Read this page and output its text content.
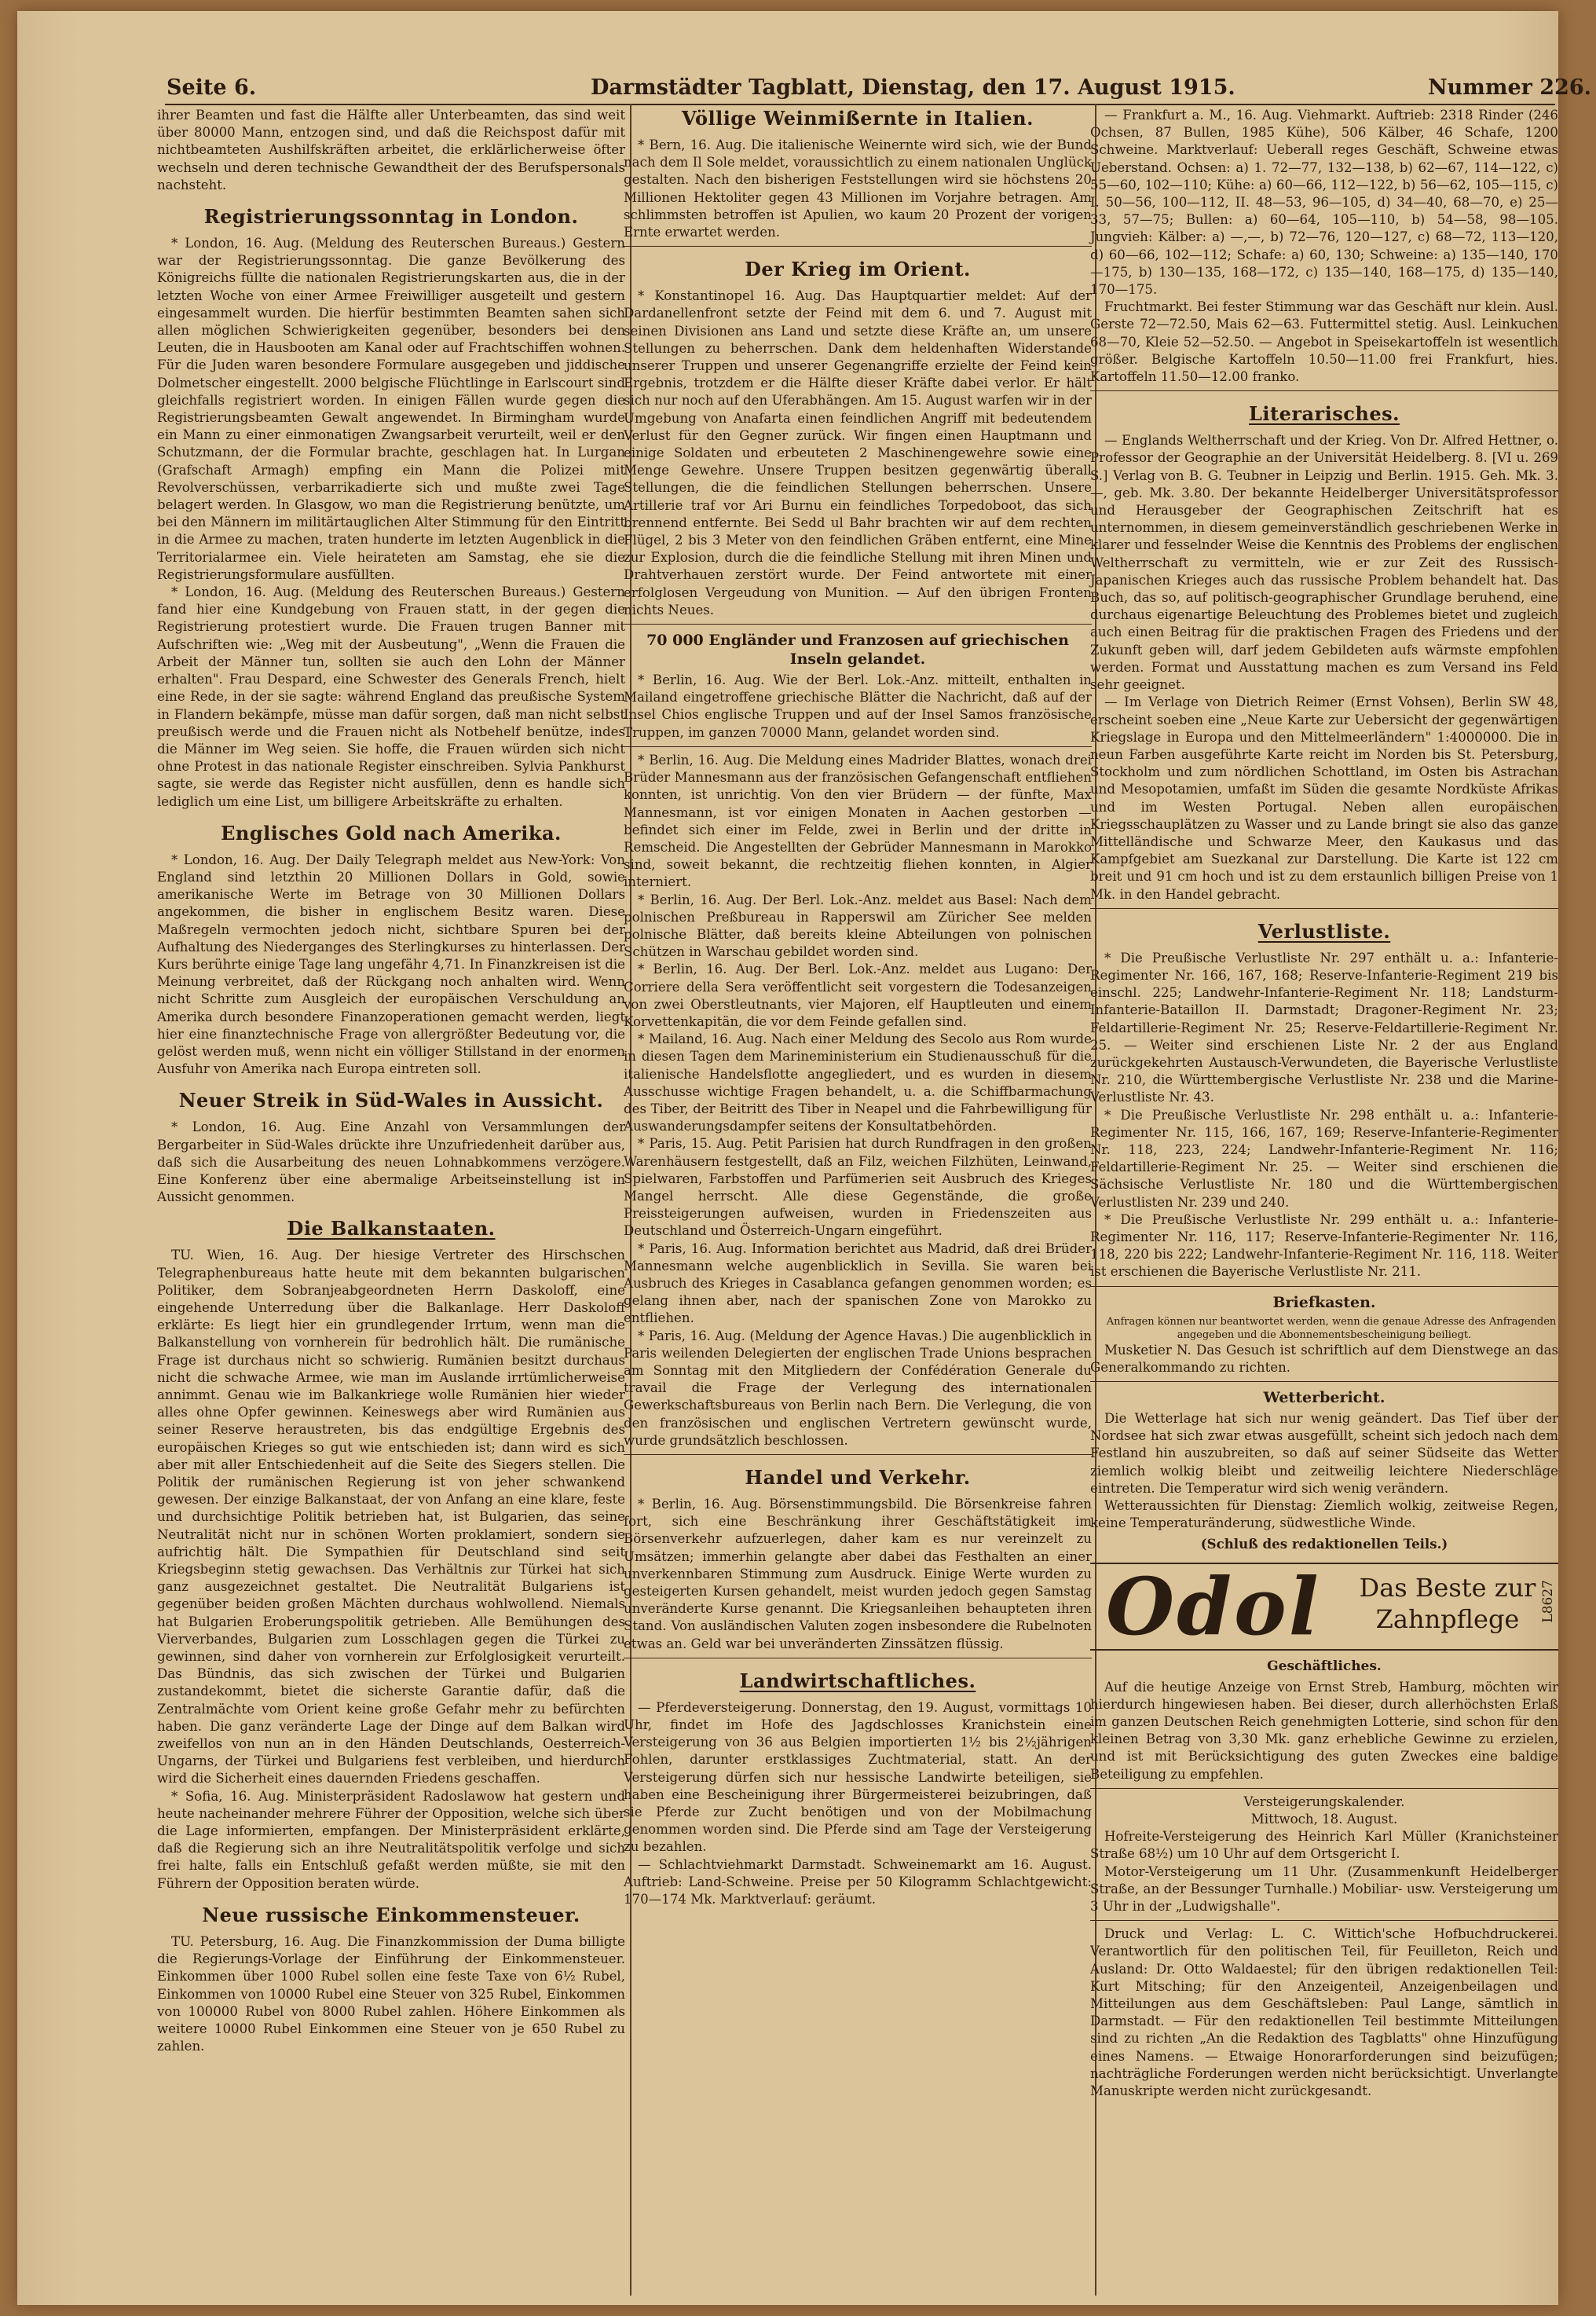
Seite 6.	Darmstädter Tagblatt, Dienstag, den 17. August 1915.	Nummer 226.

ihrer Beamten und fast die Hälfte aller Unterbeamten, das sind weit über 80000 Mann, entzogen sind, und daß die Reichspost dafür mit nichtbeamteten Aushilfskräften arbeitet, die erklärlicherweise öfter wechseln und deren technische Gewandtheit der des Berufspersonals nachsteht.

Registrierungssonntag in London.

* London, 16. Aug. (Meldung des Reuterschen Bureaus.) Gestern war der Registrierungssonntag. Die ganze Bevölkerung des Königreichs füllte die nationalen Registrierungskarten aus, die in der letzten Woche von einer Armee Freiwilliger ausgeteilt und gestern eingesammelt wurden. Die hierfür bestimmten Beamten sahen sich allen möglichen Schwierigkeiten gegenüber, besonders bei den Leuten, die in Hausbooten am Kanal oder auf Frachtschiffen wohnen. Für die Juden waren besondere Formulare ausgegeben und jiddische Dolmetscher eingestellt. 2000 belgische Flüchtlinge in Earlscourt sind gleichfalls registriert worden. In einigen Fällen wurde gegen die Registrierungsbeamten Gewalt angewendet. In Birmingham wurde ein Mann zu einer einmonatigen Zwangsarbeit verurteilt, weil er den Schutzmann, der die Formular brachte, geschlagen hat. In Lurgan (Grafschaft Armagh) empfing ein Mann die Polizei mit Revolverschüssen, verbarrikadierte sich und mußte zwei Tage belagert werden. In Glasgow, wo man die Registrierung benützte, um bei den Männern im militärtauglichen Alter Stimmung für den Eintritt in die Armee zu machen, traten hunderte im letzten Augenblick in die Territorialarmee ein. Viele heirateten am Samstag, ehe sie die Registrierungsformulare ausfüllten.

* London, 16. Aug. (Meldung des Reuterschen Bureaus.) Gestern fand hier eine Kundgebung von Frauen statt, in der gegen die Registrierung protestiert wurde. Die Frauen trugen Banner mit Aufschriften wie: „Weg mit der Ausbeutung", „Wenn die Frauen die Arbeit der Männer tun, sollten sie auch den Lohn der Männer erhalten". Frau Despard, eine Schwester des Generals French, hielt eine Rede, in der sie sagte: während England das preußische System in Flandern bekämpfe, müsse man dafür sorgen, daß man nicht selbst preußisch werde und die Frauen nicht als Notbehelf benütze, indes die Männer im Weg seien. Sie hoffe, die Frauen würden sich nicht ohne Protest in das nationale Register einschreiben. Sylvia Pankhurst sagte, sie werde das Register nicht ausfüllen, denn es handle sich lediglich um eine List, um billigere Arbeitskräfte zu erhalten.

Englisches Gold nach Amerika.

* London, 16. Aug. Der Daily Telegraph meldet aus New-York: Von England sind letzthin 20 Millionen Dollars in Gold, sowie amerikanische Werte im Betrage von 30 Millionen Dollars angekommen, die bisher in englischem Besitz waren. Diese Maßregeln vermochten jedoch nicht, sichtbare Spuren bei der Aufhaltung des Niederganges des Sterlingkurses zu hinterlassen. Der Kurs berührte einige Tage lang ungefähr 4,71. In Finanzkreisen ist die Meinung verbreitet, daß der Rückgang noch anhalten wird. Wenn nicht Schritte zum Ausgleich der europäischen Verschuldung an Amerika durch besondere Finanzoperationen gemacht werden, liegt hier eine finanztechnische Frage von allergrößter Bedeutung vor, die gelöst werden muß, wenn nicht ein völliger Stillstand in der enormen Ausfuhr von Amerika nach Europa eintreten soll.

Neuer Streik in Süd-Wales in Aussicht.

* London, 16. Aug. Eine Anzahl von Versammlungen der Bergarbeiter in Süd-Wales drückte ihre Unzufriedenheit darüber aus, daß sich die Ausarbeitung des neuen Lohnabkommens verzögere. Eine Konferenz über eine abermalige Arbeitseinstellung ist in Aussicht genommen.

Die Balkanstaaten.

TU. Wien, 16. Aug. Der hiesige Vertreter des Hirschschen Telegraphenbureaus hatte heute mit dem bekannten bulgarischen Politiker, dem Sobranjeabgeordneten Herrn Daskoloff, eine eingehende Unterredung über die Balkanlage. Herr Daskoloff erklärte: Es liegt hier ein grundlegender Irrtum, wenn man die Balkanstellung von vornherein für bedrohlich hält. Die rumänische Frage ist durchaus nicht so schwierig. Rumänien besitzt durchaus nicht die schwache Armee, wie man im Auslande irrtümlicherweise annimmt. Genau wie im Balkankriege wolle Rumänien hier wieder alles ohne Opfer gewinnen. Keineswegs aber wird Rumänien aus seiner Reserve heraustreten, bis das endgültige Ergebnis des europäischen Krieges so gut wie entschieden ist; dann wird es sich aber mit aller Entschiedenheit auf die Seite des Siegers stellen. Die Politik der rumänischen Regierung ist von jeher schwankend gewesen. Der einzige Balkanstaat, der von Anfang an eine klare, feste und durchsichtige Politik betrieben hat, ist Bulgarien, das seine Neutralität nicht nur in schönen Worten proklamiert, sondern sie aufrichtig hält. Die Sympathien für Deutschland sind seit Kriegsbeginn stetig gewachsen. Das Verhältnis zur Türkei hat sich ganz ausgezeichnet gestaltet. Die Neutralität Bulgariens ist gegenüber beiden großen Mächten durchaus wohlwollend. Niemals hat Bulgarien Eroberungspolitik getrieben. Alle Bemühungen des Vierverbandes, Bulgarien zum Losschlagen gegen die Türkei zu gewinnen, sind daher von vornherein zur Erfolglosigkeit verurteilt. Das Bündnis, das sich zwischen der Türkei und Bulgarien zustandekommt, bietet die sicherste Garantie dafür, daß die Zentralmächte vom Orient keine große Gefahr mehr zu befürchten haben. Die ganz veränderte Lage der Dinge auf dem Balkan wird zweifellos von nun an in den Händen Deutschlands, Oesterreich-Ungarns, der Türkei und Bulgariens fest verbleiben, und hierdurch wird die Sicherheit eines dauernden Friedens geschaffen.

* Sofia, 16. Aug. Ministerpräsident Radoslawow hat gestern und heute nacheinander mehrere Führer der Opposition, welche sich über die Lage informierten, empfangen. Der Ministerpräsident erklärte, daß die Regierung sich an ihre Neutralitätspolitik verfolge und sich frei halte, falls ein Entschluß gefaßt werden müßte, sie mit den Führern der Opposition beraten würde.

Neue russische Einkommensteuer.

TU. Petersburg, 16. Aug. Die Finanzkommission der Duma billigte die Regierungs-Vorlage der Einführung der Einkommensteuer. Einkommen über 1000 Rubel sollen eine feste Taxe von 6½ Rubel, Einkommen von 10000 Rubel eine Steuer von 325 Rubel, Einkommen von 100000 Rubel von 8000 Rubel zahlen. Höhere Einkommen als weitere 10000 Rubel Einkommen eine Steuer von je 650 Rubel zu zahlen.

Völlige Weinmißernte in Italien.

* Bern, 16. Aug. Die italienische Weinernte wird sich, wie der Bund nach dem Il Sole meldet, voraussichtlich zu einem nationalen Unglück gestalten. Nach den bisherigen Feststellungen wird sie höchstens 20 Millionen Hektoliter gegen 43 Millionen im Vorjahre betragen. Am schlimmsten betroffen ist Apulien, wo kaum 20 Prozent der vorigen Ernte erwartet werden.

Der Krieg im Orient.

* Konstantinopel 16. Aug. Das Hauptquartier meldet: Auf der Dardanellenfront setzte der Feind mit dem 6. und 7. August mit seinen Divisionen ans Land und setzte diese Kräfte an, um unsere Stellungen zu beherrschen. Dank dem heldenhaften Widerstande unserer Truppen und unserer Gegenangriffe erzielte der Feind kein Ergebnis, trotzdem er die Hälfte dieser Kräfte dabei verlor. Er hält sich nur noch auf den Uferabhängen. Am 15. August warfen wir in der Umgebung von Anafarta einen feindlichen Angriff mit bedeutendem Verlust für den Gegner zurück. Wir fingen einen Hauptmann und einige Soldaten und erbeuteten 2 Maschinengewehre sowie eine Menge Gewehre. Unsere Truppen besitzen gegenwärtig überall Stellungen, die die feindlichen Stellungen beherrschen. Unsere Artillerie traf vor Ari Burnu ein feindliches Torpedoboot, das sich brennend entfernte. Bei Sedd ul Bahr brachten wir auf dem rechten Flügel, 2 bis 3 Meter von den feindlichen Gräben entfernt, eine Mine zur Explosion, durch die die feindliche Stellung mit ihren Minen und Drahtverhauen zerstört wurde. Der Feind antwortete mit einer erfolglosen Vergeudung von Munition. — Auf den übrigen Fronten nichts Neues.

70 000 Engländer und Franzosen auf griechischen Inseln gelandet.

* Berlin, 16. Aug. Wie der Berl. Lok.-Anz. mitteilt, enthalten in Mailand eingetroffene griechische Blätter die Nachricht, daß auf der Insel Chios englische Truppen und auf der Insel Samos französische Truppen, im ganzen 70000 Mann, gelandet worden sind.

* Berlin, 16. Aug. Die Meldung eines Madrider Blattes, wonach drei Brüder Mannesmann aus der französischen Gefangenschaft entfliehen konnten, ist unrichtig. Von den vier Brüdern — der fünfte, Max Mannesmann, ist vor einigen Monaten in Aachen gestorben — befindet sich einer im Felde, zwei in Berlin und der dritte in Remscheid. Die Angestellten der Gebrüder Mannesmann in Marokko sind, soweit bekannt, die rechtzeitig fliehen konnten, in Algier interniert.

* Berlin, 16. Aug. Der Berl. Lok.-Anz. meldet aus Basel: Nach dem polnischen Preßbureau in Rapperswil am Züricher See melden polnische Blätter, daß bereits kleine Abteilungen von polnischen Schützen in Warschau gebildet worden sind.

* Berlin, 16. Aug. Der Berl. Lok.-Anz. meldet aus Lugano: Der Corriere della Sera veröffentlicht seit vorgestern die Todesanzeigen von zwei Oberstleutnants, vier Majoren, elf Hauptleuten und einem Korvettenkapitän, die vor dem Feinde gefallen sind.

* Mailand, 16. Aug. Nach einer Meldung des Secolo aus Rom wurde in diesen Tagen dem Marineministerium ein Studienausschuß für die italienische Handelsflotte angegliedert, und es wurden in diesem Ausschusse wichtige Fragen behandelt, u. a. die Schiffbarmachung des Tiber, der Beitritt des Tiber in Neapel und die Fahrbewilligung für Auswanderungsdampfer seitens der Konsultatbehörden.

* Paris, 15. Aug. Petit Parisien hat durch Rundfragen in den großen Warenhäusern festgestellt, daß an Filz, weichen Filzhüten, Leinwand, Spielwaren, Farbstoffen und Parfümerien seit Ausbruch des Krieges Mangel herrscht. Alle diese Gegenstände, die große Preissteigerungen aufweisen, wurden in Friedenszeiten aus Deutschland und Österreich-Ungarn eingeführt.

* Paris, 16. Aug. Information berichtet aus Madrid, daß drei Brüder Mannesmann welche augenblicklich in Sevilla. Sie waren bei Ausbruch des Krieges in Casablanca gefangen genommen worden; es gelang ihnen aber, nach der spanischen Zone von Marokko zu entfliehen.

* Paris, 16. Aug. (Meldung der Agence Havas.) Die augenblicklich in Paris weilenden Delegierten der englischen Trade Unions besprachen am Sonntag mit den Mitgliedern der Confédération Generale du travail die Frage der Verlegung des internationalen Gewerkschaftsbureaus von Berlin nach Bern. Die Verlegung, die von den französischen und englischen Vertretern gewünscht wurde, wurde grundsätzlich beschlossen.

Handel und Verkehr.

* Berlin, 16. Aug. Börsenstimmungsbild. Die Börsenkreise fahren fort, sich eine Beschränkung ihrer Geschäftstätigkeit im Börsenverkehr aufzuerlegen, daher kam es nur vereinzelt zu Umsätzen; immerhin gelangte aber dabei das Festhalten an einer unverkennbaren Stimmung zum Ausdruck. Einige Werte wurden zu gesteigerten Kursen gehandelt, meist wurden jedoch gegen Samstag unveränderte Kurse genannt. Die Kriegsanleihen behaupteten ihren Stand. Von ausländischen Valuten zogen insbesondere die Rubelnoten etwas an. Geld war bei unveränderten Zinssätzen flüssig.

Landwirtschaftliches.

— Pferdeversteigerung. Donnerstag, den 19. August, vormittags 10 Uhr, findet im Hofe des Jagdschlosses Kranichstein eine Versteigerung von 36 aus Belgien importierten 1½ bis 2½jährigen Fohlen, darunter erstklassiges Zuchtmaterial, statt. An der Versteigerung dürfen sich nur hessische Landwirte beteiligen, sie haben eine Bescheinigung ihrer Bürgermeisterei beizubringen, daß sie Pferde zur Zucht benötigen und von der Mobilmachung genommen worden sind. Die Pferde sind am Tage der Versteigerung zu bezahlen.

— Schlachtviehmarkt Darmstadt. Schweinemarkt am 16. August. Auftrieb: Land-Schweine. Preise per 50 Kilogramm Schlachtgewicht: 170—174 Mk. Marktverlauf: geräumt.

— Frankfurt a. M., 16. Aug. Viehmarkt. Auftrieb: 2318 Rinder (246 Ochsen, 87 Bullen, 1985 Kühe), 506 Kälber, 46 Schafe, 1200 Schweine. Marktverlauf: Ueberall reges Geschäft, Schweine etwas Ueberstand. Ochsen: a) 1. 72—77, 132—138, b) 62—67, 114—122, c) 55—60, 102—110; Kühe: a) 60—66, 112—122, b) 56—62, 105—115, c) I. 50—56, 100—112, II. 48—53, 96—105, d) 34—40, 68—70, e) 25—33, 57—75; Bullen: a) 60—64, 105—110, b) 54—58, 98—105. Jungvieh: Kälber: a) —,—, b) 72—76, 120—127, c) 68—72, 113—120, d) 60—66, 102—112; Schafe: a) 60, 130; Schweine: a) 135—140, 170—175, b) 130—135, 168—172, c) 135—140, 168—175, d) 135—140, 170—175.

Fruchtmarkt. Bei fester Stimmung war das Geschäft nur klein. Ausl. Gerste 72—72.50, Mais 62—63. Futtermittel stetig. Ausl. Leinkuchen 68—70, Kleie 52—52.50. — Angebot in Speisekartoffeln ist wesentlich größer. Belgische Kartoffeln 10.50—11.00 frei Frankfurt, hies. Kartoffeln 11.50—12.00 franko.

Literarisches.

— Englands Weltherrschaft und der Krieg. Von Dr. Alfred Hettner, o. Professor der Geographie an der Universität Heidelberg. 8. [VI u. 269 S.] Verlag von B. G. Teubner in Leipzig und Berlin. 1915. Geh. Mk. 3.—, geb. Mk. 3.80. Der bekannte Heidelberger Universitätsprofessor und Herausgeber der Geographischen Zeitschrift hat es unternommen, in diesem gemeinverständlich geschriebenen Werke in klarer und fesselnder Weise die Kenntnis des Problems der englischen Weltherrschaft zu vermitteln, wie er zur Zeit des Russisch-Japanischen Krieges auch das russische Problem behandelt hat. Das Buch, das so, auf politisch-geographischer Grundlage beruhend, eine durchaus eigenartige Beleuchtung des Problemes bietet und zugleich auch einen Beitrag für die praktischen Fragen des Friedens und der Zukunft geben will, darf jedem Gebildeten aufs wärmste empfohlen werden. Format und Ausstattung machen es zum Versand ins Feld sehr geeignet.

— Im Verlage von Dietrich Reimer (Ernst Vohsen), Berlin SW 48, erscheint soeben eine „Neue Karte zur Uebersicht der gegenwärtigen Kriegslage in Europa und den Mittelmeerländern" 1:4000000. Die in neun Farben ausgeführte Karte reicht im Norden bis St. Petersburg, Stockholm und zum nördlichen Schottland, im Osten bis Astrachan und Mesopotamien, umfaßt im Süden die gesamte Nordküste Afrikas und im Westen Portugal. Neben allen europäischen Kriegsschauplätzen zu Wasser und zu Lande bringt sie also das ganze Mittelländische und Schwarze Meer, den Kaukasus und das Kampfgebiet am Suezkanal zur Darstellung. Die Karte ist 122 cm breit und 91 cm hoch und ist zu dem erstaunlich billigen Preise von 1 Mk. in den Handel gebracht.

Verlustliste.

* Die Preußische Verlustliste Nr. 297 enthält u. a.: Infanterie-Regimenter Nr. 166, 167, 168; Reserve-Infanterie-Regiment 219 bis einschl. 225; Landwehr-Infanterie-Regiment Nr. 118; Landsturm-Infanterie-Bataillon II. Darmstadt; Dragoner-Regiment Nr. 23; Feldartillerie-Regiment Nr. 25; Reserve-Feldartillerie-Regiment Nr. 25. — Weiter sind erschienen Liste Nr. 2 der aus England zurückgekehrten Austausch-Verwundeten, die Bayerische Verlustliste Nr. 210, die Württembergische Verlustliste Nr. 238 und die Marine-Verlustliste Nr. 43.

* Die Preußische Verlustliste Nr. 298 enthält u. a.: Infanterie-Regimenter Nr. 115, 166, 167, 169; Reserve-Infanterie-Regimenter Nr. 118, 223, 224; Landwehr-Infanterie-Regiment Nr. 116; Feldartillerie-Regiment Nr. 25. — Weiter sind erschienen die Sächsische Verlustliste Nr. 180 und die Württembergischen Verlustlisten Nr. 239 und 240.

* Die Preußische Verlustliste Nr. 299 enthält u. a.: Infanterie-Regimenter Nr. 116, 117; Reserve-Infanterie-Regimenter Nr. 116, 118, 220 bis 222; Landwehr-Infanterie-Regiment Nr. 116, 118. Weiter ist erschienen die Bayerische Verlustliste Nr. 211.

Briefkasten.

Anfragen können nur beantwortet werden, wenn die genaue Adresse des Anfragenden angegeben und die Abonnementsbescheinigung beiliegt.

Musketier N. Das Gesuch ist schriftlich auf dem Dienstwege an das Generalkommando zu richten.

Wetterbericht.

Die Wetterlage hat sich nur wenig geändert. Das Tief über der Nordsee hat sich zwar etwas ausgefüllt, scheint sich jedoch nach dem Festland hin auszubreiten, so daß auf seiner Südseite das Wetter ziemlich wolkig bleibt und zeitweilig leichtere Niederschläge eintreten. Die Temperatur wird sich wenig verändern.

Wetteraussichten für Dienstag: Ziemlich wolkig, zeitweise Regen, keine Temperaturänderung, südwestliche Winde.

(Schluß des redaktionellen Teils.)

Odol Das Beste zur Zahnpflege	L8627
Geschäftliches.

Auf die heutige Anzeige von Ernst Streb, Hamburg, möchten wir hierdurch hingewiesen haben. Bei dieser, durch allerhöchsten Erlaß im ganzen Deutschen Reich genehmigten Lotterie, sind schon für den kleinen Betrag von 3,30 Mk. ganz erhebliche Gewinne zu erzielen, und ist mit Berücksichtigung des guten Zweckes eine baldige Beteiligung zu empfehlen.

Versteigerungskalender.

Mittwoch, 18. August.

Hofreite-Versteigerung des Heinrich Karl Müller (Kranichsteiner Straße 68½) um 10 Uhr auf dem Ortsgericht I.

Motor-Versteigerung um 11 Uhr. (Zusammenkunft Heidelberger Straße, an der Bessunger Turnhalle.) Mobiliar- usw. Versteigerung um 3 Uhr in der „Ludwigshalle".

Druck und Verlag: L. C. Wittich'sche Hofbuchdruckerei. Verantwortlich für den politischen Teil, für Feuilleton, Reich und Ausland: Dr. Otto Waldaestel; für den übrigen redaktionellen Teil: Kurt Mitsching; für den Anzeigenteil, Anzeigenbeilagen und Mitteilungen aus dem Geschäftsleben: Paul Lange, sämtlich in Darmstadt. — Für den redaktionellen Teil bestimmte Mitteilungen sind zu richten „An die Redaktion des Tagblatts" ohne Hinzufügung eines Namens. — Etwaige Honorarforderungen sind beizufügen; nachträgliche Forderungen werden nicht berücksichtigt. Unverlangte Manuskripte werden nicht zurückgesandt.
